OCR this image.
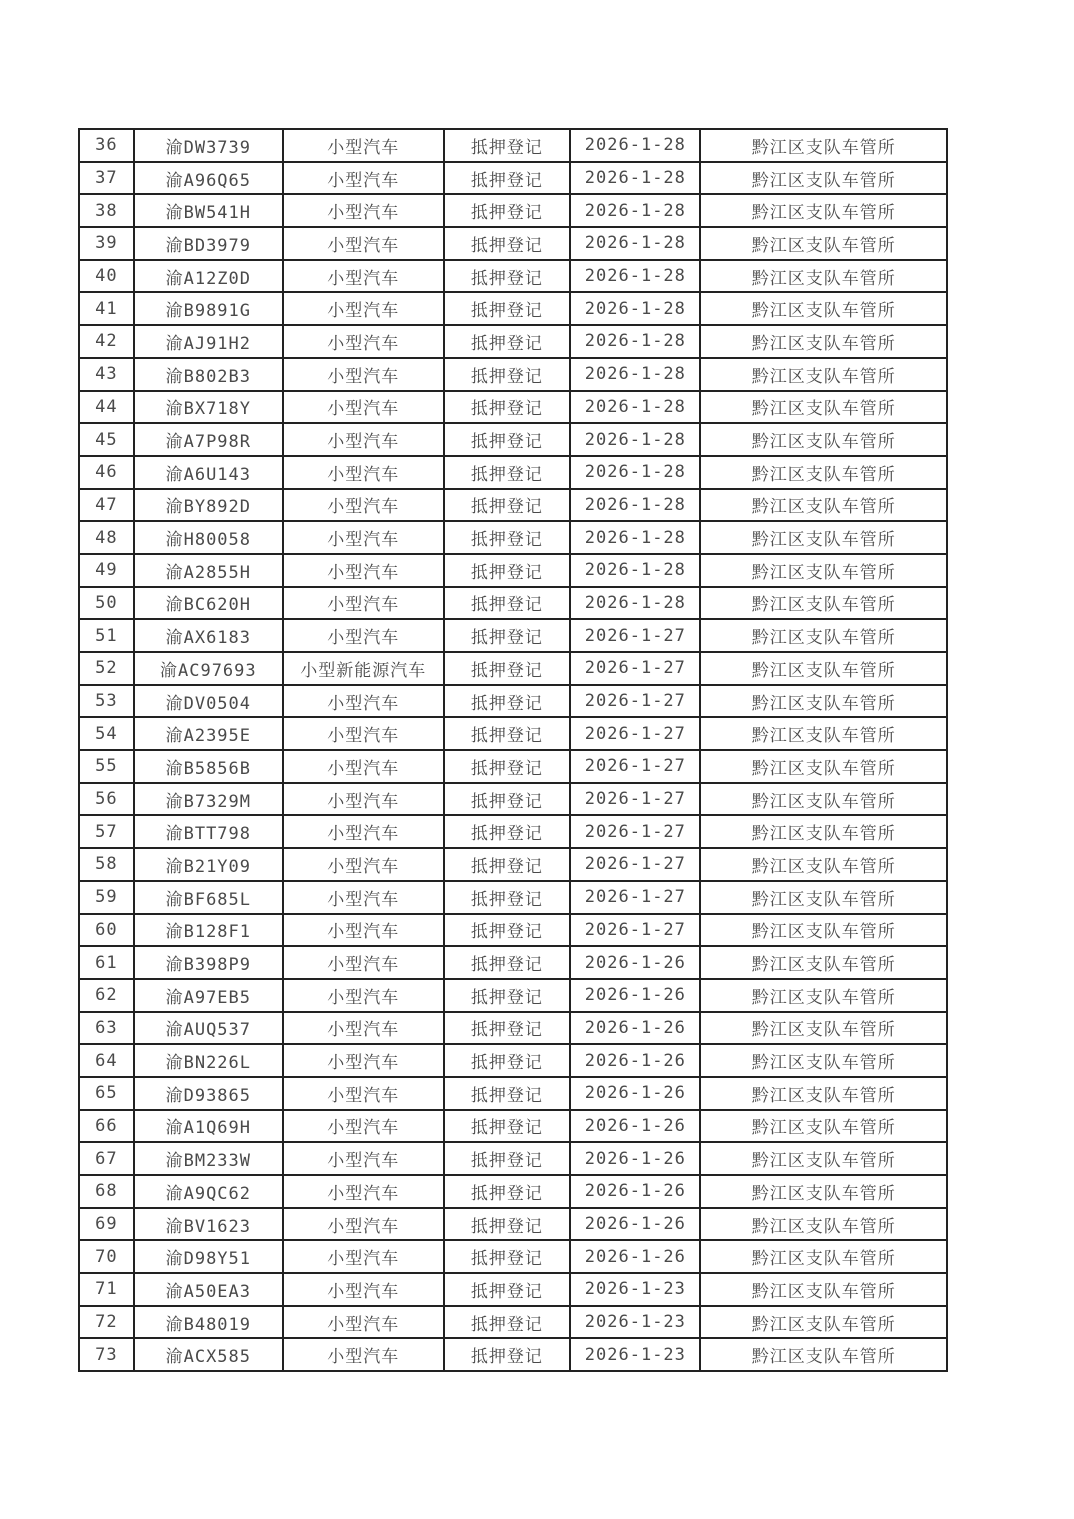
36	渝DW3739	小型汽车	抵押登记	2026-1-28	黔江区支队车管所
37	渝A96Q65	小型汽车	抵押登记	2026-1-28	黔江区支队车管所
38	渝BW541H	小型汽车	抵押登记	2026-1-28	黔江区支队车管所
39	渝BD3979	小型汽车	抵押登记	2026-1-28	黔江区支队车管所
40	渝A12Z0D	小型汽车	抵押登记	2026-1-28	黔江区支队车管所
41	渝B9891G	小型汽车	抵押登记	2026-1-28	黔江区支队车管所
42	渝AJ91H2	小型汽车	抵押登记	2026-1-28	黔江区支队车管所
43	渝B802B3	小型汽车	抵押登记	2026-1-28	黔江区支队车管所
44	渝BX718Y	小型汽车	抵押登记	2026-1-28	黔江区支队车管所
45	渝A7P98R	小型汽车	抵押登记	2026-1-28	黔江区支队车管所
46	渝A6U143	小型汽车	抵押登记	2026-1-28	黔江区支队车管所
47	渝BY892D	小型汽车	抵押登记	2026-1-28	黔江区支队车管所
48	渝H80058	小型汽车	抵押登记	2026-1-28	黔江区支队车管所
49	渝A2855H	小型汽车	抵押登记	2026-1-28	黔江区支队车管所
50	渝BC620H	小型汽车	抵押登记	2026-1-28	黔江区支队车管所
51	渝AX6183	小型汽车	抵押登记	2026-1-27	黔江区支队车管所
52	渝AC97693	小型新能源汽车	抵押登记	2026-1-27	黔江区支队车管所
53	渝DV0504	小型汽车	抵押登记	2026-1-27	黔江区支队车管所
54	渝A2395E	小型汽车	抵押登记	2026-1-27	黔江区支队车管所
55	渝B5856B	小型汽车	抵押登记	2026-1-27	黔江区支队车管所
56	渝B7329M	小型汽车	抵押登记	2026-1-27	黔江区支队车管所
57	渝BTT798	小型汽车	抵押登记	2026-1-27	黔江区支队车管所
58	渝B21Y09	小型汽车	抵押登记	2026-1-27	黔江区支队车管所
59	渝BF685L	小型汽车	抵押登记	2026-1-27	黔江区支队车管所
60	渝B128F1	小型汽车	抵押登记	2026-1-27	黔江区支队车管所
61	渝B398P9	小型汽车	抵押登记	2026-1-26	黔江区支队车管所
62	渝A97EB5	小型汽车	抵押登记	2026-1-26	黔江区支队车管所
63	渝AUQ537	小型汽车	抵押登记	2026-1-26	黔江区支队车管所
64	渝BN226L	小型汽车	抵押登记	2026-1-26	黔江区支队车管所
65	渝D93865	小型汽车	抵押登记	2026-1-26	黔江区支队车管所
66	渝A1Q69H	小型汽车	抵押登记	2026-1-26	黔江区支队车管所
67	渝BM233W	小型汽车	抵押登记	2026-1-26	黔江区支队车管所
68	渝A9QC62	小型汽车	抵押登记	2026-1-26	黔江区支队车管所
69	渝BV1623	小型汽车	抵押登记	2026-1-26	黔江区支队车管所
70	渝D98Y51	小型汽车	抵押登记	2026-1-26	黔江区支队车管所
71	渝A50EA3	小型汽车	抵押登记	2026-1-23	黔江区支队车管所
72	渝B48019	小型汽车	抵押登记	2026-1-23	黔江区支队车管所
73	渝ACX585	小型汽车	抵押登记	2026-1-23	黔江区支队车管所
